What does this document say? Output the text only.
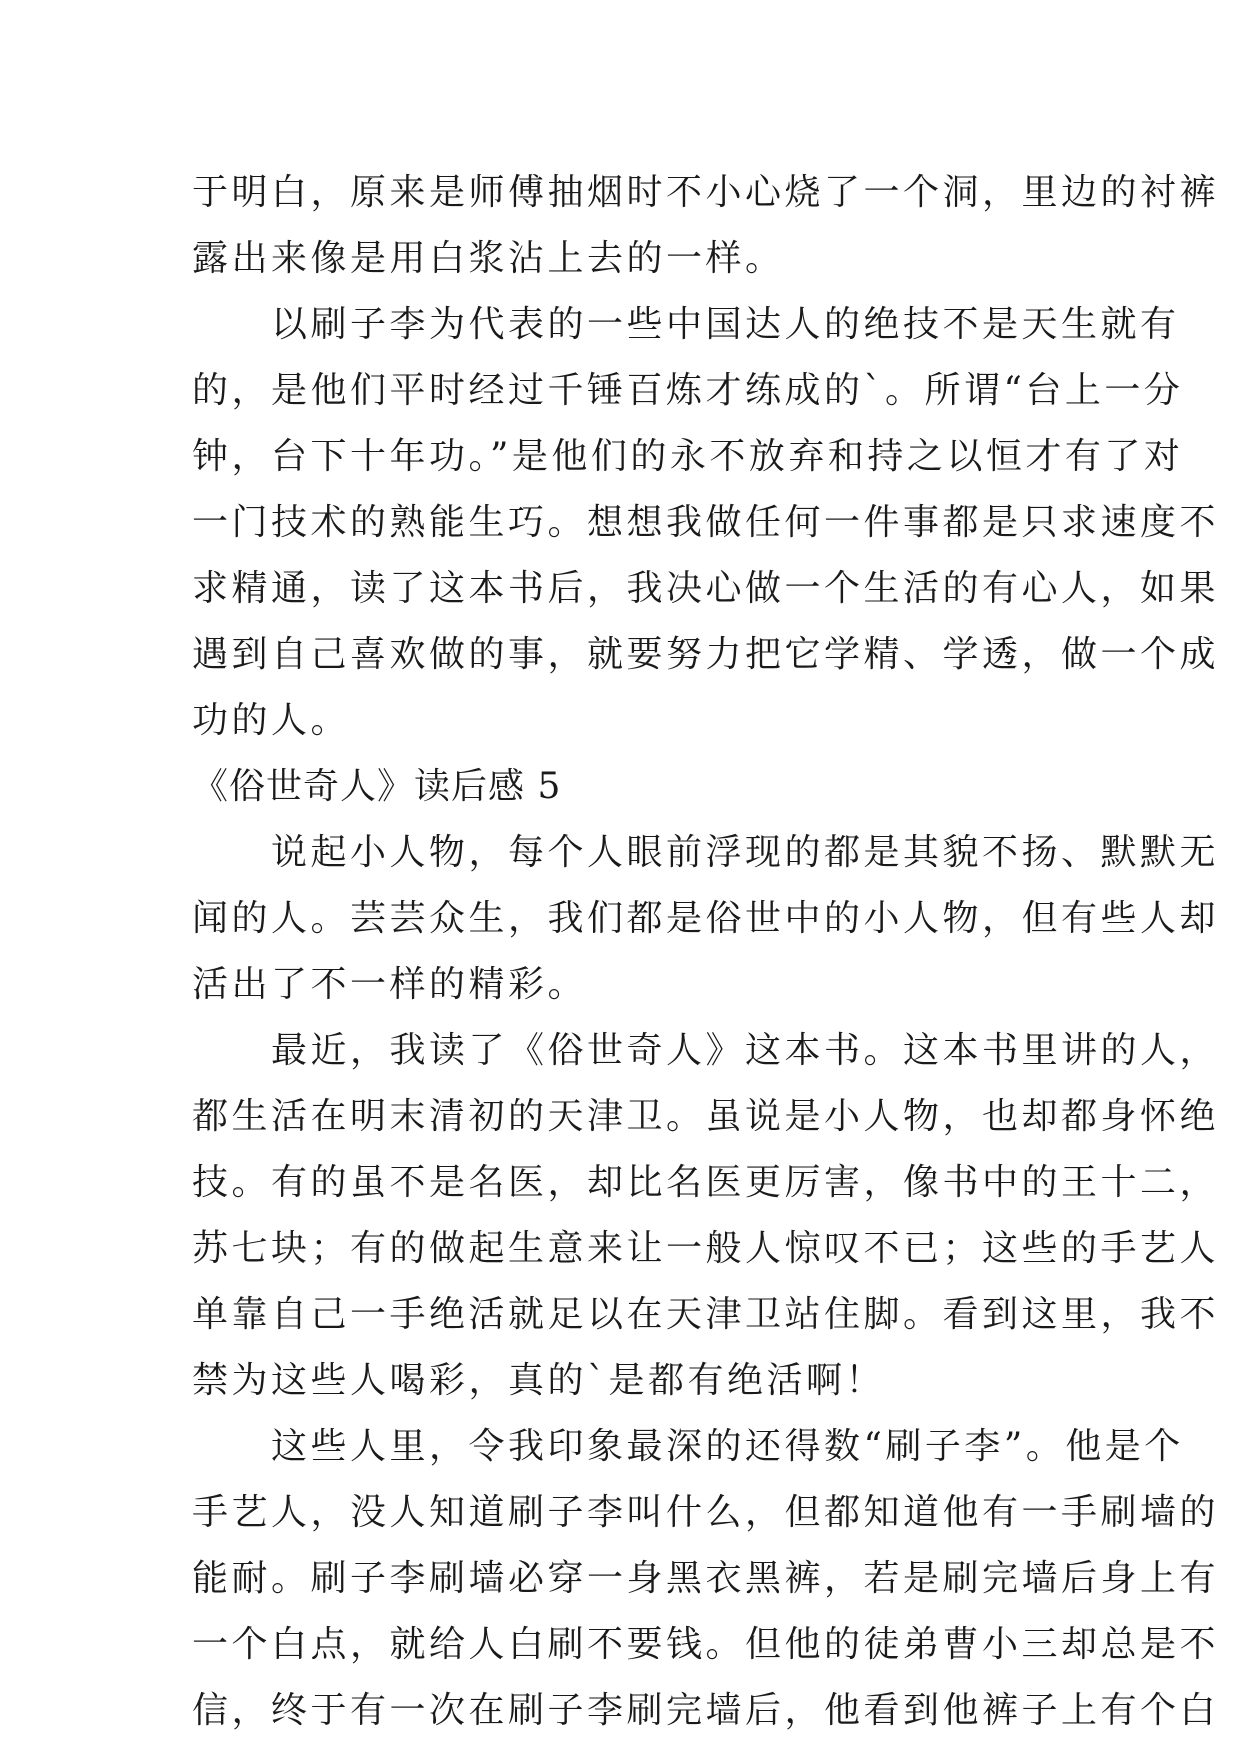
于明白，原来是师傅抽烟时不小心烧了一个洞，里边的衬裤
露出来像是用白浆沾上去的一样。
　　以刷子李为代表的一些中国达人的绝技不是天生就有
的，是他们平时经过千锤百炼才练成的`。所谓“台上一分
钟，台下十年功。”是他们的永不放弃和持之以恒才有了对
一门技术的熟能生巧。想想我做任何一件事都是只求速度不
求精通，读了这本书后，我决心做一个生活的有心人，如果
遇到自己喜欢做的事，就要努力把它学精、学透，做一个成
功的人。
《俗世奇人》读后感 5
　　说起小人物，每个人眼前浮现的都是其貌不扬、默默无
闻的人。芸芸众生，我们都是俗世中的小人物，但有些人却
活出了不一样的精彩。
　　最近，我读了《俗世奇人》这本书。这本书里讲的人，
都生活在明末清初的天津卫。虽说是小人物，也却都身怀绝
技。有的虽不是名医，却比名医更厉害，像书中的王十二，
苏七块；有的做起生意来让一般人惊叹不已；这些的手艺人
单靠自己一手绝活就足以在天津卫站住脚。看到这里，我不
禁为这些人喝彩，真的`是都有绝活啊！
　　这些人里，令我印象最深的还得数“刷子李”。他是个
手艺人，没人知道刷子李叫什么，但都知道他有一手刷墙的
能耐。刷子李刷墙必穿一身黑衣黑裤，若是刷完墙后身上有
一个白点，就给人白刷不要钱。但他的徒弟曹小三却总是不
信，终于有一次在刷子李刷完墙后，他看到他裤子上有个白
